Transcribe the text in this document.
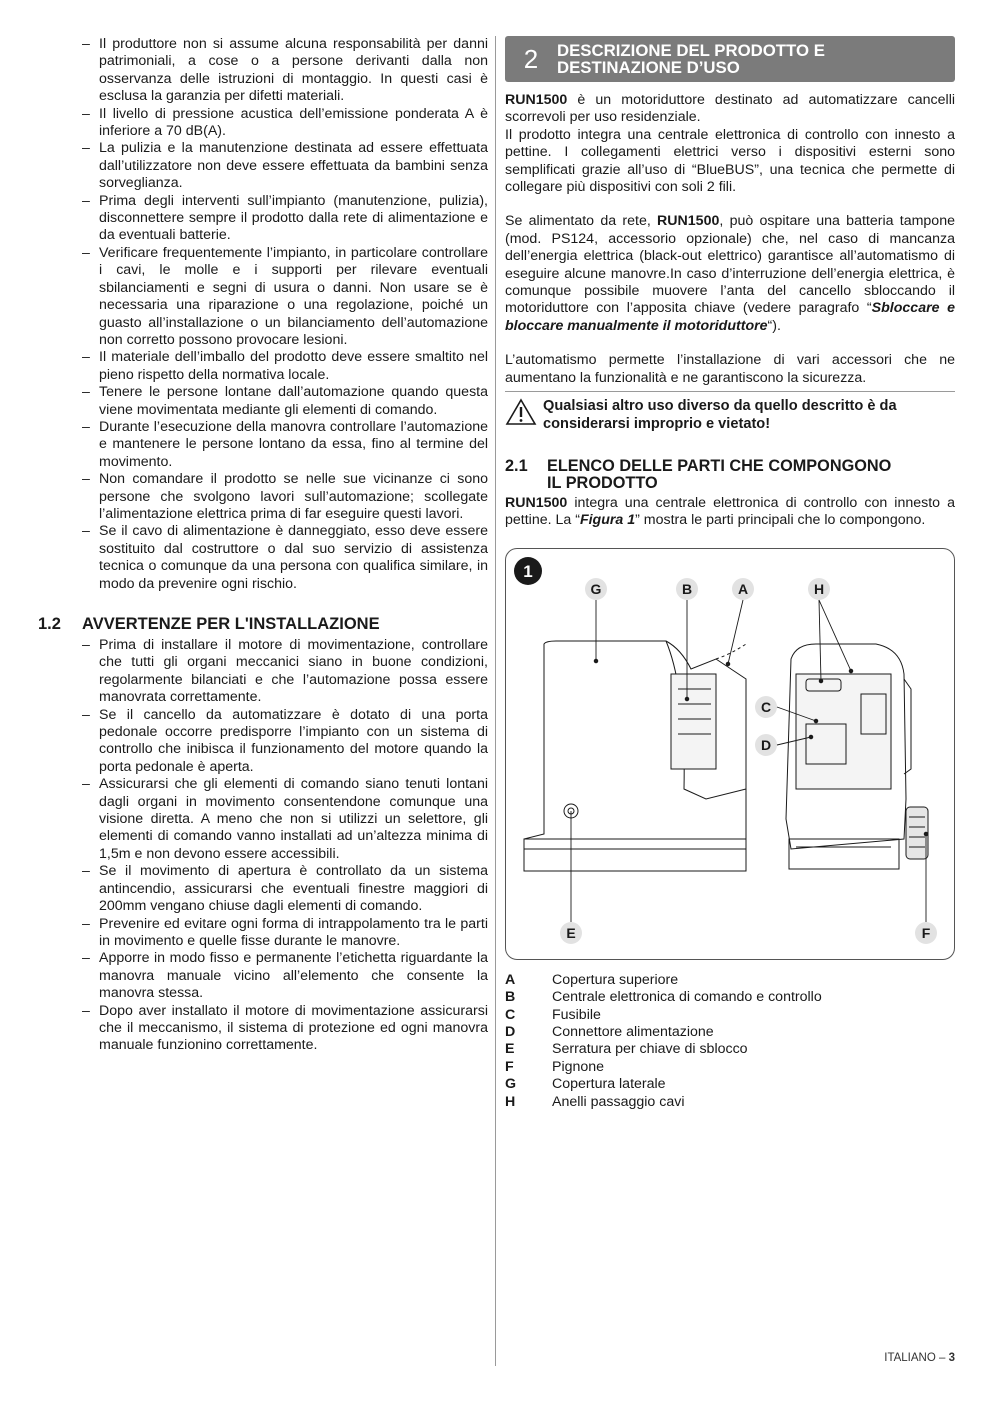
– Il produttore non si assume alcuna responsabilità per danni patrimoniali, a cose o a persone derivanti dalla non osservanza delle istruzioni di montaggio. In questi casi è esclusa la garanzia per difetti materiali.
– Il livello di pressione acustica dell’emissione ponderata A è inferiore a 70 dB(A).
– La pulizia e la manutenzione destinata ad essere effettuata dall’utilizzatore non deve essere effettuata da bambini senza sorveglianza.
– Prima degli interventi sull’impianto (manutenzione, pulizia), disconnettere sempre il prodotto dalla rete di alimentazione e da eventuali batterie.
– Verificare frequentemente l’impianto, in particolare controllare i cavi, le molle e i supporti per rilevare eventuali sbilanciamenti e segni di usura o danni. Non usare se è necessaria una riparazione o una regolazione, poiché un guasto all’installazione o un bilanciamento dell’automazione non corretto possono provocare lesioni.
– Il materiale dell’imballo del prodotto deve essere smaltito nel pieno rispetto della normativa locale.
– Tenere le persone lontane dall’automazione quando questa viene movimentata mediante gli elementi di comando.
– Durante l’esecuzione della manovra controllare l’automazione e mantenere le persone lontano da essa, fino al termine del movimento.
– Non comandare il prodotto se nelle sue vicinanze ci sono persone che svolgono lavori sull’automazione; scollegate l’alimentazione elettrica prima di far eseguire questi lavori.
– Se il cavo di alimentazione è danneggiato, esso deve essere sostituito dal costruttore o dal suo servizio di assistenza tecnica o comunque da una persona con qualifica similare, in modo da prevenire ogni rischio.
1.2	AVVERTENZE PER L'INSTALLAZIONE
– Prima di installare il motore di movimentazione, controllare che tutti gli organi meccanici siano in buone condizioni, regolarmente bilanciati e che l’automazione possa essere manovrata correttamente.
– Se il cancello da automatizzare è dotato di una porta pedonale occorre predisporre l’impianto con un sistema di controllo che inibisca il funzionamento del motore quando la porta pedonale è aperta.
– Assicurarsi che gli elementi di comando siano tenuti lontani dagli organi in movimento consentendone comunque una visione diretta. A meno che non si utilizzi un selettore, gli elementi di comando vanno installati ad un’altezza minima di 1,5m e non devono essere accessibili.
– Se il movimento di apertura è controllato da un sistema antincendio, assicurarsi che eventuali finestre maggiori di 200mm vengano chiuse dagli elementi di comando.
– Prevenire ed evitare ogni forma di intrappolamento tra le parti in movimento e quelle fisse durante le manovre.
– Apporre in modo fisso e permanente l’etichetta riguardante la manovra manuale vicino all’elemento che consente la manovra stessa.
– Dopo aver installato il motore di movimentazione assicurarsi che il meccanismo, il sistema di protezione ed ogni manovra manuale funzionino correttamente.
2	DESCRIZIONE DEL PRODOTTO E
DESTINAZIONE D’USO

RUN1500 è un motoriduttore destinato ad automatizzare cancelli scorrevoli per uso residenziale.

Il prodotto integra una centrale elettronica di controllo con innesto a pettine. I collegamenti elettrici verso i dispositivi esterni sono semplificati grazie all’uso di “BlueBUS”, una tecnica che permette di collegare più dispositivi con soli 2 fili.

Se alimentato da rete, RUN1500, può ospitare una batteria tampone (mod. PS124, accessorio opzionale) che, nel caso di mancanza dell’energia elettrica (black-out elettrico) garantisce all’automatismo di eseguire alcune manovre.In caso d’interruzione dell’energia elettrica, è comunque possibile muovere l’anta del cancello sbloccando il motoriduttore con l’apposita chiave (vedere paragrafo “Sbloccare e bloccare manualmente il motoriduttore“).

L’automatismo permette l’installazione di vari accessori che ne aumentano la funzionalità e ne garantiscono la sicurezza.

Qualsiasi altro uso diverso da quello descritto è da considerarsi improprio e vietato!
2.1	ELENCO DELLE PARTI CHE COMPONGONO
IL PRODOTTO

RUN1500 integra una centrale elettronica di controllo con innesto a pettine. La “Figura 1” mostra le parti principali che lo compongono.

1
G	B	A	H
C
D
E	F
A	Copertura superiore
B	Centrale elettronica di comando e controllo
C	Fusibile
D	Connettore alimentazione
E	Serratura per chiave di sblocco
F	Pignone
G	Copertura laterale
H	Anelli passaggio cavi
ITALIANO – 3
